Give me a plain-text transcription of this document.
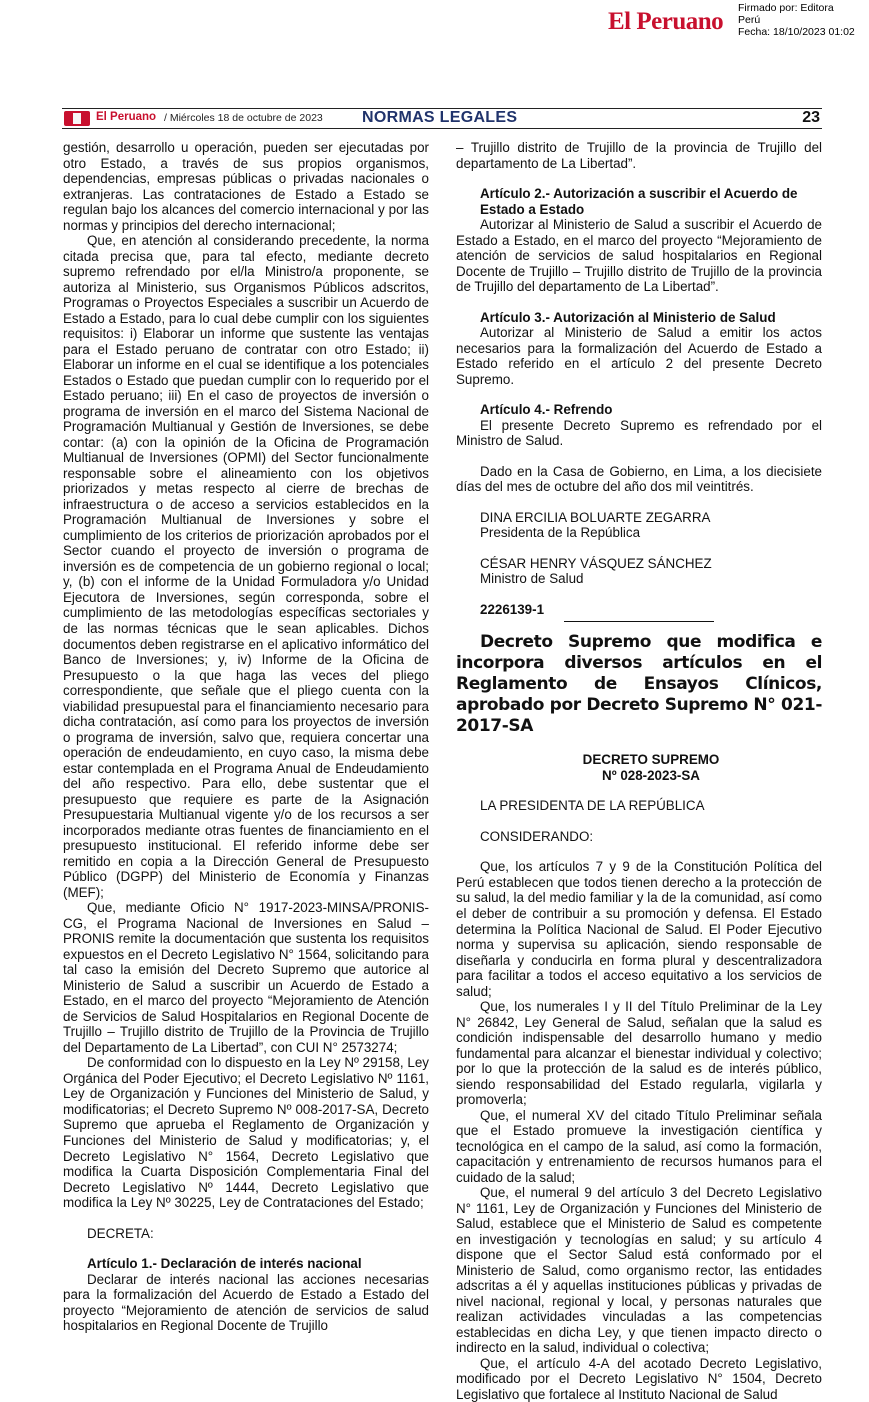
El Peruano Firmado por: Editora
Perú
Fecha: 18/10/2023 01:02
El Peruano / Miércoles 18 de octubre de 2023 NORMAS LEGALES	23

gestión, desarrollo u operación, pueden ser ejecutadas por otro Estado, a través de sus propios organismos, dependencias, empresas públicas o privadas nacionales o extranjeras. Las contrataciones de Estado a Estado se regulan bajo los alcances del comercio internacional y por las normas y principios del derecho internacional;

Que, en atención al considerando precedente, la norma citada precisa que, para tal efecto, mediante decreto supremo refrendado por el/la Ministro/a proponente, se autoriza al Ministerio, sus Organismos Públicos adscritos, Programas o Proyectos Especiales a suscribir un Acuerdo de Estado a Estado, para lo cual debe cumplir con los siguientes requisitos: i) Elaborar un informe que sustente las ventajas para el Estado peruano de contratar con otro Estado; ii) Elaborar un informe en el cual se identifique a los potenciales Estados o Estado que puedan cumplir con lo requerido por el Estado peruano; iii) En el caso de proyectos de inversión o programa de inversión en el marco del Sistema Nacional de Programación Multianual y Gestión de Inversiones, se debe contar: (a) con la opinión de la Oficina de Programación Multianual de Inversiones (OPMI) del Sector funcionalmente responsable sobre el alineamiento con los objetivos priorizados y metas respecto al cierre de brechas de infraestructura o de acceso a servicios establecidos en la Programación Multianual de Inversiones y sobre el cumplimiento de los criterios de priorización aprobados por el Sector cuando el proyecto de inversión o programa de inversión es de competencia de un gobierno regional o local; y, (b) con el informe de la Unidad Formuladora y/o Unidad Ejecutora de Inversiones, según corresponda, sobre el cumplimiento de las metodologías específicas sectoriales y de las normas técnicas que le sean aplicables. Dichos documentos deben registrarse en el aplicativo informático del Banco de Inversiones; y, iv) Informe de la Oficina de Presupuesto o la que haga las veces del pliego correspondiente, que señale que el pliego cuenta con la viabilidad presupuestal para el financiamiento necesario para dicha contratación, así como para los proyectos de inversión o programa de inversión, salvo que, requiera concertar una operación de endeudamiento, en cuyo caso, la misma debe estar contemplada en el Programa Anual de Endeudamiento del año respectivo. Para ello, debe sustentar que el presupuesto que requiere es parte de la Asignación Presupuestaria Multianual vigente y/o de los recursos a ser incorporados mediante otras fuentes de financiamiento en el presupuesto institucional. El referido informe debe ser remitido en copia a la Dirección General de Presupuesto Público (DGPP) del Ministerio de Economía y Finanzas (MEF);

Que, mediante Oficio N° 1917-2023-MINSA/PRONIS-CG, el Programa Nacional de Inversiones en Salud – PRONIS remite la documentación que sustenta los requisitos expuestos en el Decreto Legislativo N° 1564, solicitando para tal caso la emisión del Decreto Supremo que autorice al Ministerio de Salud a suscribir un Acuerdo de Estado a Estado, en el marco del proyecto “Mejoramiento de Atención de Servicios de Salud Hospitalarios en Regional Docente de Trujillo – Trujillo distrito de Trujillo de la Provincia de Trujillo del Departamento de La Libertad”, con CUI N° 2573274;

De conformidad con lo dispuesto en la Ley Nº 29158, Ley Orgánica del Poder Ejecutivo; el Decreto Legislativo Nº 1161, Ley de Organización y Funciones del Ministerio de Salud, y modificatorias; el Decreto Supremo Nº 008-2017-SA, Decreto Supremo que aprueba el Reglamento de Organización y Funciones del Ministerio de Salud y modificatorias; y, el Decreto Legislativo N° 1564, Decreto Legislativo que modifica la Cuarta Disposición Complementaria Final del Decreto Legislativo Nº 1444, Decreto Legislativo que modifica la Ley Nº 30225, Ley de Contrataciones del Estado;

DECRETA:

Artículo 1.- Declaración de interés nacional

Declarar de interés nacional las acciones necesarias para la formalización del Acuerdo de Estado a Estado del proyecto “Mejoramiento de atención de servicios de salud hospitalarios en Regional Docente de Trujillo

– Trujillo distrito de Trujillo de la provincia de Trujillo del departamento de La Libertad”.

Artículo 2.- Autorización a suscribir el Acuerdo de Estado a Estado

Autorizar al Ministerio de Salud a suscribir el Acuerdo de Estado a Estado, en el marco del proyecto “Mejoramiento de atención de servicios de salud hospitalarios en Regional Docente de Trujillo – Trujillo distrito de Trujillo de la provincia de Trujillo del departamento de La Libertad”.

Artículo 3.- Autorización al Ministerio de Salud

Autorizar al Ministerio de Salud a emitir los actos necesarios para la formalización del Acuerdo de Estado a Estado referido en el artículo 2 del presente Decreto Supremo.

Artículo 4.- Refrendo

El presente Decreto Supremo es refrendado por el Ministro de Salud.

Dado en la Casa de Gobierno, en Lima, a los diecisiete días del mes de octubre del año dos mil veintitrés.

DINA ERCILIA BOLUARTE ZEGARRA

Presidenta de la República

CÉSAR HENRY VÁSQUEZ SÁNCHEZ

Ministro de Salud

2226139-1

Decreto Supremo que modifica e incorpora diversos artículos en el Reglamento de Ensayos Clínicos, aprobado por Decreto Supremo N° 021-2017-SA

DECRETO SUPREMO

Nº 028-2023-SA

LA PRESIDENTA DE LA REPÚBLICA

CONSIDERANDO:

Que, los artículos 7 y 9 de la Constitución Política del Perú establecen que todos tienen derecho a la protección de su salud, la del medio familiar y la de la comunidad, así como el deber de contribuir a su promoción y defensa. El Estado determina la Política Nacional de Salud. El Poder Ejecutivo norma y supervisa su aplicación, siendo responsable de diseñarla y conducirla en forma plural y descentralizadora para facilitar a todos el acceso equitativo a los servicios de salud;

Que, los numerales I y II del Título Preliminar de la Ley N° 26842, Ley General de Salud, señalan que la salud es condición indispensable del desarrollo humano y medio fundamental para alcanzar el bienestar individual y colectivo; por lo que la protección de la salud es de interés público, siendo responsabilidad del Estado regularla, vigilarla y promoverla;

Que, el numeral XV del citado Título Preliminar señala que el Estado promueve la investigación científica y tecnológica en el campo de la salud, así como la formación, capacitación y entrenamiento de recursos humanos para el cuidado de la salud;

Que, el numeral 9 del artículo 3 del Decreto Legislativo N° 1161, Ley de Organización y Funciones del Ministerio de Salud, establece que el Ministerio de Salud es competente en investigación y tecnologías en salud; y su artículo 4 dispone que el Sector Salud está conformado por el Ministerio de Salud, como organismo rector, las entidades adscritas a él y aquellas instituciones públicas y privadas de nivel nacional, regional y local, y personas naturales que realizan actividades vinculadas a las competencias establecidas en dicha Ley, y que tienen impacto directo o indirecto en la salud, individual o colectiva;

Que, el artículo 4-A del acotado Decreto Legislativo, modificado por el Decreto Legislativo N° 1504, Decreto Legislativo que fortalece al Instituto Nacional de Salud
